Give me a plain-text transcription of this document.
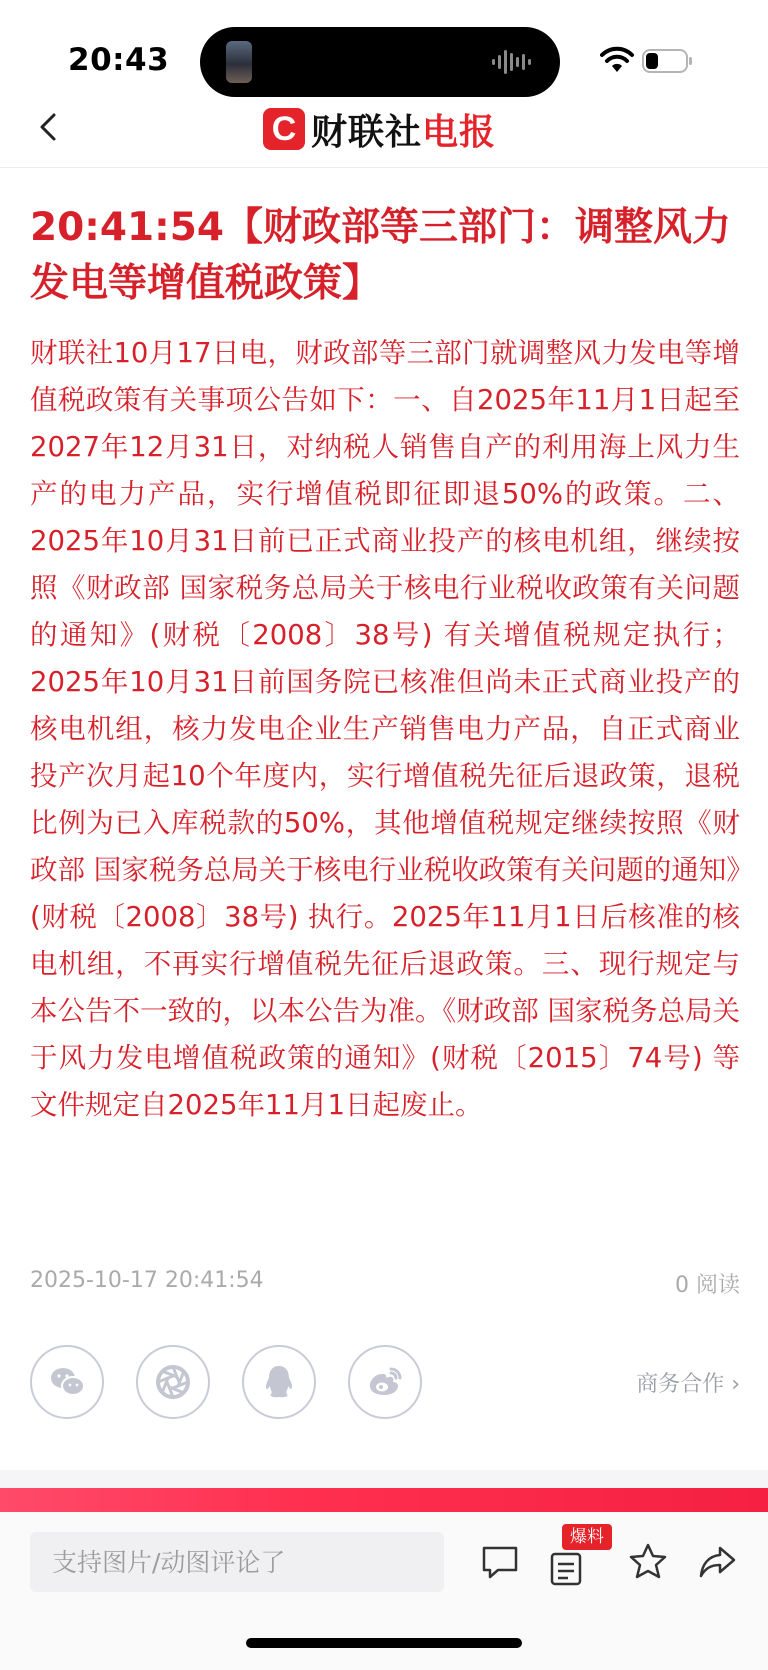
20:43
C 财联社 电报
20:41:54【财政部等三部门：调整风力发电等增值税政策】

财联社10月17日电，财政部等三部门就调整风力发电等增值税政策有关事项公告如下：一、自2025年11月1日起至2027年12月31日，对纳税人销售自产的利用海上风力生产的电力产品，实行增值税即征即退50%的政策。二、2025年10月31日前已正式商业投产的核电机组，继续按照《财政部 国家税务总局关于核电行业税收政策有关问题的通知》(财税〔2008〕38号) 有关增值税规定执行；2025年10月31日前国务院已核准但尚未正式商业投产的核电机组，核力发电企业生产销售电力产品，自正式商业投产次月起10个年度内，实行增值税先征后退政策，退税比例为已入库税款的50%，其他增值税规定继续按照《财政部 国家税务总局关于核电行业税收政策有关问题的通知》(财税〔2008〕38号) 执行。2025年11月1日后核准的核电机组，不再实行增值税先征后退政策。三、现行规定与本公告不一致的，以本公告为准。《财政部 国家税务总局关于风力发电增值税政策的通知》(财税〔2015〕74号) 等文件规定自2025年11月1日起废止。

2025-10-17 20:41:54	0 阅读
商务合作 ›
支持图片/动图评论了
爆料
